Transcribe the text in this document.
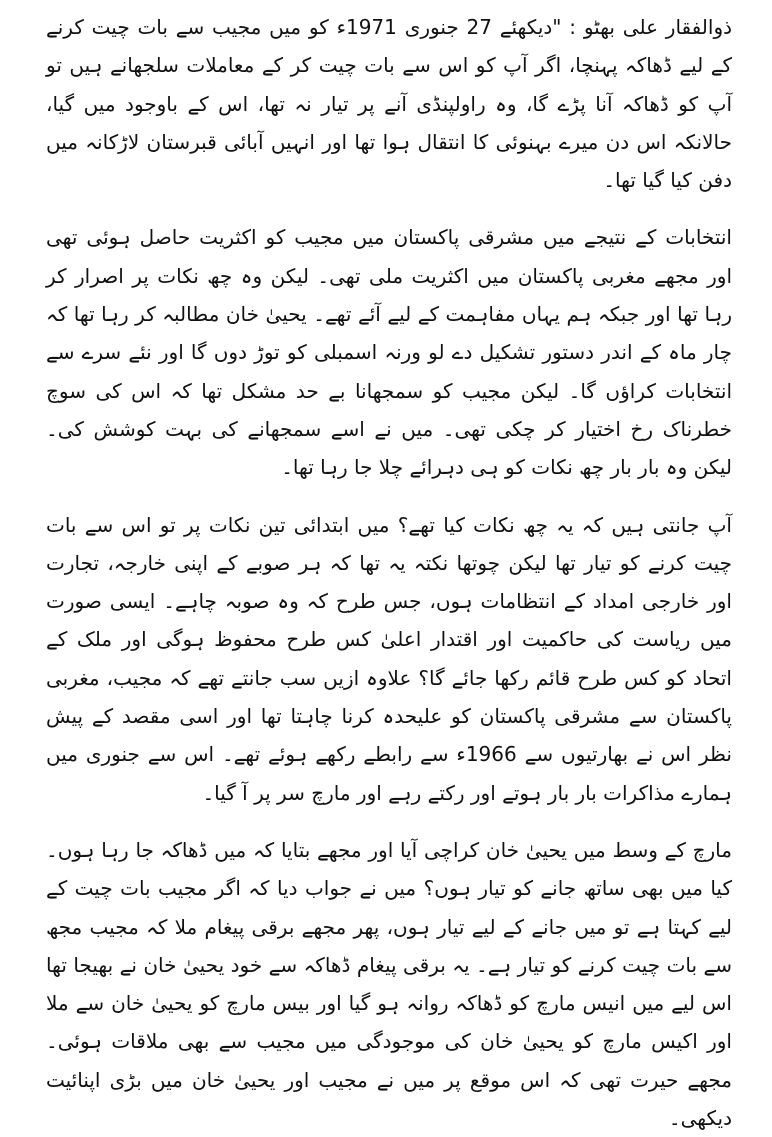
ذوالفقار علی بھٹو : "دیکھئے 27 جنوری 1971ء کو میں مجیب سے بات چیت کرنے کے لیے ڈھاکہ پہنچا، اگر آپ کو اس سے بات چیت کر کے معاملات سلجھانے ہیں تو آپ کو ڈھاکہ آنا پڑے گا، وہ راولپنڈی آنے پر تیار نہ تھا، اس کے باوجود میں گیا، حالانکہ اس دن میرے بہنوئی کا انتقال ہوا تھا اور انہیں آبائی قبرستان لاڑکانہ میں دفن کیا گیا تھا۔

انتخابات کے نتیجے میں مشرقی پاکستان میں مجیب کو اکثریت حاصل ہوئی تھی اور مجھے مغربی پاکستان میں اکثریت ملی تھی۔ لیکن وہ چھ نکات پر اصرار کر رہا تھا اور جبکہ ہم یہاں مفاہمت کے لیے آئے تھے۔ یحییٰ خان مطالبہ کر رہا تھا کہ چار ماہ کے اندر دستور تشکیل دے لو ورنہ اسمبلی کو توڑ دوں گا اور نئے سرے سے انتخابات کراؤں گا۔ لیکن مجیب کو سمجھانا بے حد مشکل تھا کہ اس کی سوچ خطرناک رخ اختیار کر چکی تھی۔ میں نے اسے سمجھانے کی بہت کوشش کی۔ لیکن وہ بار بار چھ نکات کو ہی دہرائے چلا جا رہا تھا۔

آپ جانتی ہیں کہ یہ چھ نکات کیا تھے؟ میں ابتدائی تین نکات پر تو اس سے بات چیت کرنے کو تیار تھا لیکن چوتھا نکتہ یہ تھا کہ ہر صوبے کے اپنی خارجہ، تجارت اور خارجی امداد کے انتظامات ہوں، جس طرح کہ وہ صوبہ چاہے۔ ایسی صورت میں ریاست کی حاکمیت اور اقتدار اعلیٰ کس طرح محفوظ ہوگی اور ملک کے اتحاد کو کس طرح قائم رکھا جائے گا؟ علاوہ ازیں سب جانتے تھے کہ مجیب، مغربی پاکستان سے مشرقی پاکستان کو علیحدہ کرنا چاہتا تھا اور اسی مقصد کے پیش نظر اس نے بھارتیوں سے 1966ء سے رابطے رکھے ہوئے تھے۔ اس سے جنوری میں ہمارے مذاکرات بار بار ہوتے اور رکتے رہے اور مارچ سر پر آ گیا۔

مارچ کے وسط میں یحییٰ خان کراچی آیا اور مجھے بتایا کہ میں ڈھاکہ جا رہا ہوں۔ کیا میں بھی ساتھ جانے کو تیار ہوں؟ میں نے جواب دیا کہ اگر مجیب بات چیت کے لیے کہتا ہے تو میں جانے کے لیے تیار ہوں، پھر مجھے برقی پیغام ملا کہ مجیب مجھ سے بات چیت کرنے کو تیار ہے۔ یہ برقی پیغام ڈھاکہ سے خود یحییٰ خان نے بھیجا تھا اس لیے میں انیس مارچ کو ڈھاکہ روانہ ہو گیا اور بیس مارچ کو یحییٰ خان سے ملا اور اکیس مارچ کو یحییٰ خان کی موجودگی میں مجیب سے بھی ملاقات ہوئی۔ مجھے حیرت تھی کہ اس موقع پر میں نے مجیب اور یحییٰ خان میں بڑی اپنائیت دیکھی۔
